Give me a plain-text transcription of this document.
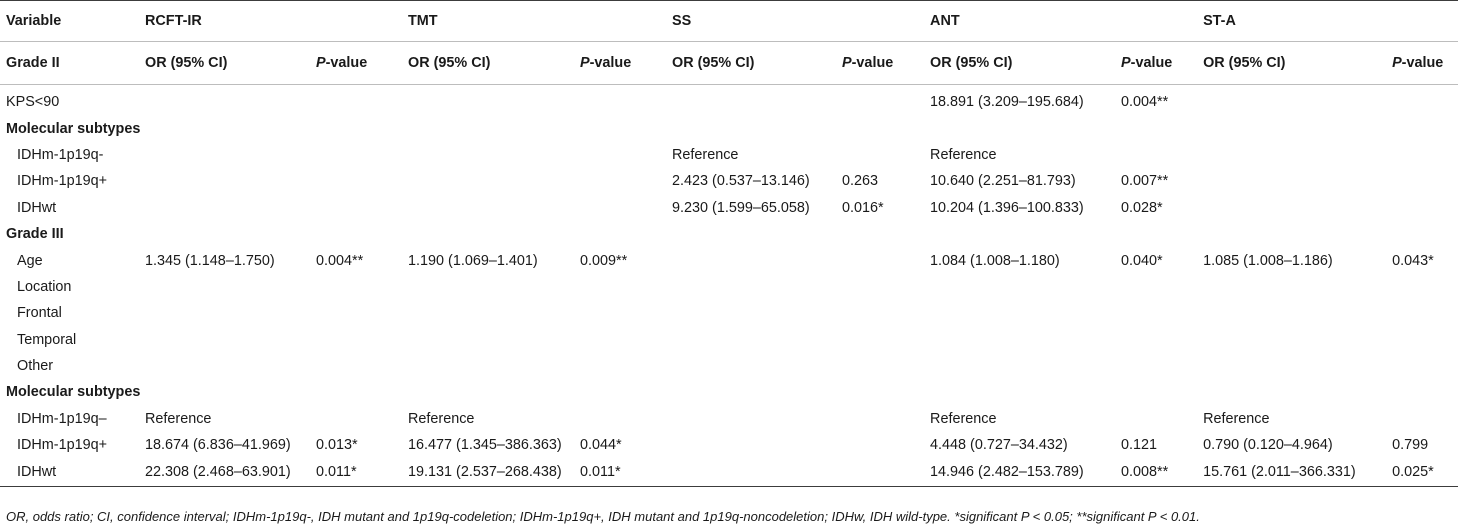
Variable	RCFT-IR		TMT		SS		ANT		ST-A	
Grade II	OR (95% CI)	P-value	OR (95% CI)	P-value	OR (95% CI)	P-value	OR (95% CI)	P-value	OR (95% CI)	P-value
KPS<90							18.891 (3.209–195.684)	0.004**		
Molecular subtypes										
IDHm-1p19q-					Reference		Reference			
IDHm-1p19q+					2.423 (0.537–13.146)	0.263	10.640 (2.251–81.793)	0.007**		
IDHwt					9.230 (1.599–65.058)	0.016*	10.204 (1.396–100.833)	0.028*		
Grade III										
Age	1.345 (1.148–1.750)	0.004**	1.190 (1.069–1.401)	0.009**			1.084 (1.008–1.180)	0.040*	1.085 (1.008–1.186)	0.043*
Location										
Frontal										
Temporal										
Other										
Molecular subtypes										
IDHm-1p19q–	Reference		Reference				Reference		Reference	
IDHm-1p19q+	18.674 (6.836–41.969)	0.013*	16.477 (1.345–386.363)	0.044*			4.448 (0.727–34.432)	0.121	0.790 (0.120–4.964)	0.799
IDHwt	22.308 (2.468–63.901)	0.011*	19.131 (2.537–268.438)	0.011*			14.946 (2.482–153.789)	0.008**	15.761 (2.011–366.331)	0.025*
OR, odds ratio; CI, confidence interval; IDHm-1p19q-, IDH mutant and 1p19q-codeletion; IDHm-1p19q+, IDH mutant and 1p19q-noncodeletion; IDHw, IDH wild-type. *significant P < 0.05; **significant P < 0.01.
